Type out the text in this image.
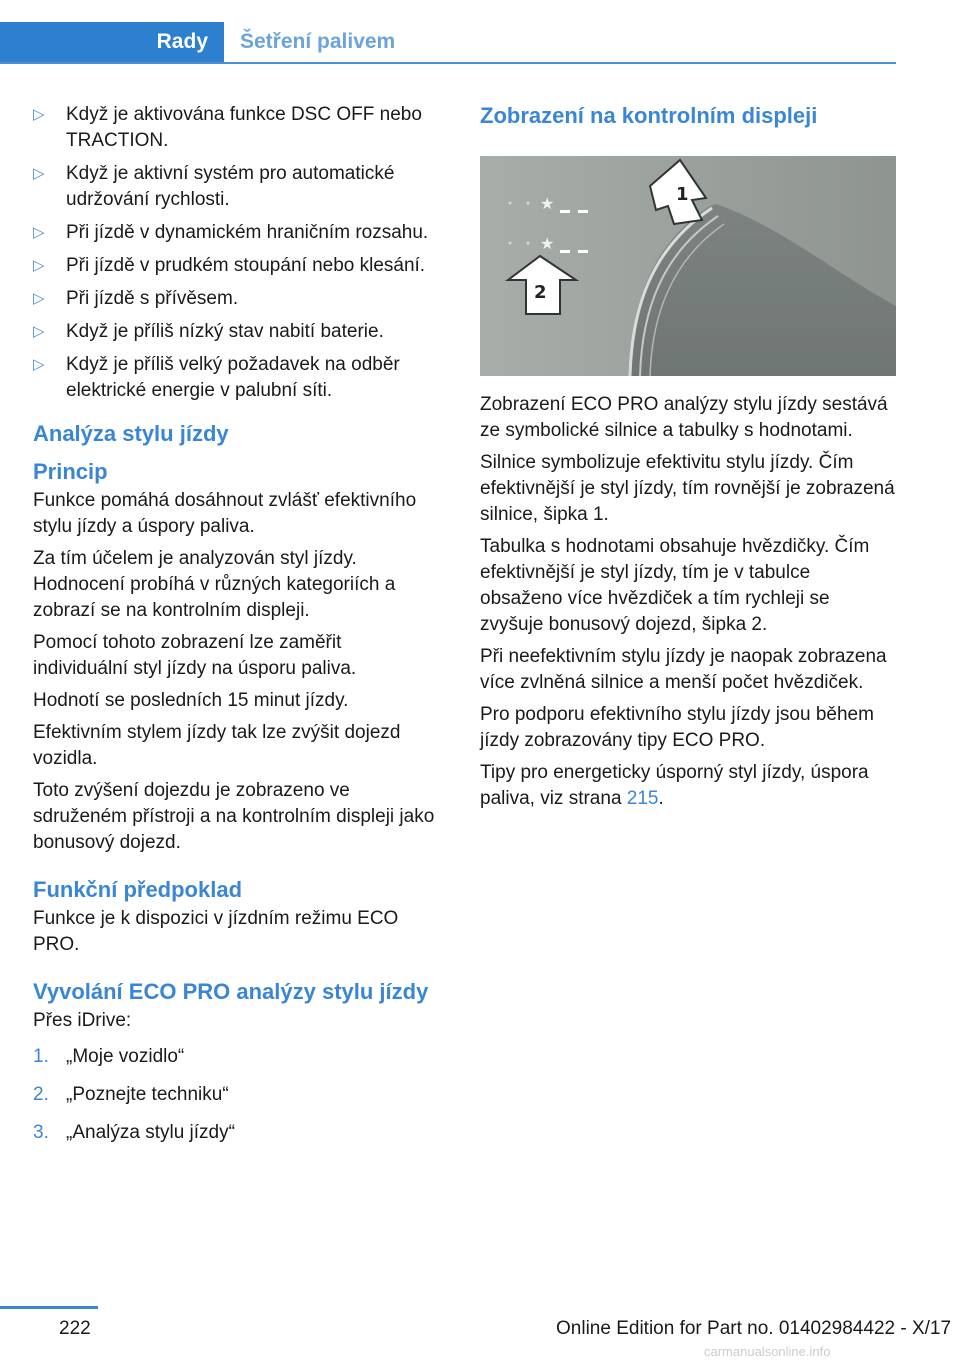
Rady	Šetření palivem
▷ Když je aktivována funkce DSC OFF nebo TRACTION.
▷ Když je aktivní systém pro automatické udržování rychlosti.
▷ Při jízdě v dynamickém hraničním rozsahu.
▷ Při jízdě v prudkém stoupání nebo klesání.
▷ Při jízdě s přívěsem.
▷ Když je příliš nízký stav nabití baterie.
▷ Když je příliš velký požadavek na odběr elektrické energie v palubní síti.
Analýza stylu jízdy
Princip

Funkce pomáhá dosáhnout zvlášť efektivního stylu jízdy a úspory paliva.

Za tím účelem je analyzován styl jízdy. Hodnocení probíhá v různých kategoriích a zobrazí se na kontrolním displeji.

Pomocí tohoto zobrazení lze zaměřit individuální styl jízdy na úsporu paliva.

Hodnotí se posledních 15 minut jízdy.

Efektivním stylem jízdy tak lze zvýšit dojezd vozidla.

Toto zvýšení dojezdu je zobrazeno ve sdruženém přístroji a na kontrolním displeji jako bonusový dojezd.

Funkční předpoklad

Funkce je k dispozici v jízdním režimu ECO PRO.

Vyvolání ECO PRO analýzy stylu jízdy

Přes iDrive:

1. „Moje vozidlo“
2. „Poznejte techniku“
3. „Analýza stylu jízdy“
Zobrazení na kontrolním displeji
★
★
1
2

Zobrazení ECO PRO analýzy stylu jízdy sestává ze symbolické silnice a tabulky s hodnotami.

Silnice symbolizuje efektivitu stylu jízdy. Čím efektivnější je styl jízdy, tím rovnější je zobrazená silnice, šipka 1.

Tabulka s hodnotami obsahuje hvězdičky. Čím efektivnější je styl jízdy, tím je v tabulce obsaženo více hvězdiček a tím rychleji se zvyšuje bonusový dojezd, šipka 2.

Při neefektivním stylu jízdy je naopak zobrazena více zvlněná silnice a menší počet hvězdiček.

Pro podporu efektivního stylu jízdy jsou během jízdy zobrazovány tipy ECO PRO.

Tipy pro energeticky úsporný styl jízdy, úspora paliva, viz strana 215.

222	Online Edition for Part no. 01402984422 - X/17
carmanualsonline.info
